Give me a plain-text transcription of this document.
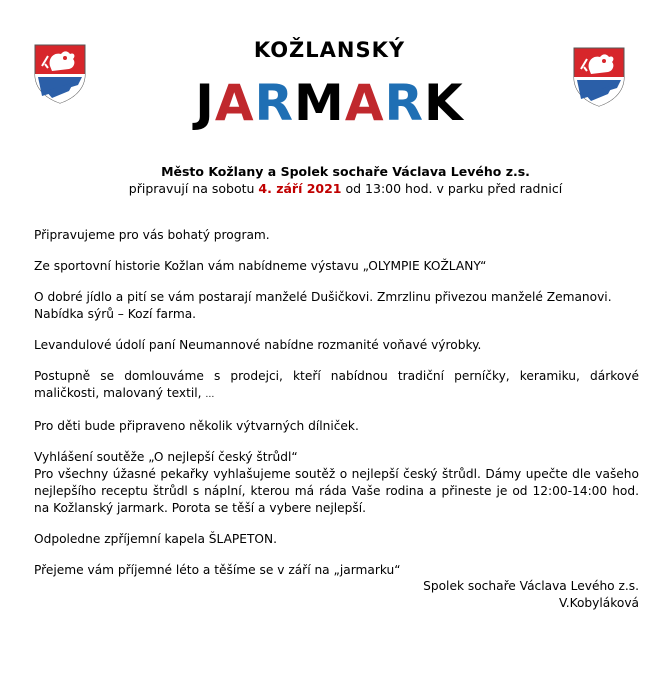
KOŽLANSKÝ
JARMARK
Město Kožlany a Spolek sochaře Václava Levého z.s.
připravují na sobotu 4. září 2021 od 13:00 hod. v parku před radnicí

Připravujeme pro vás bohatý program.

Ze sportovní historie Kožlan vám nabídneme výstavu „OLYMPIE KOŽLANY“

O dobré jídlo a pití se vám postarají manželé Dušičkovi. Zmrzlinu přivezou manželé Zemanovi.
Nabídka sýrů – Kozí farma.

Levandulové údolí paní Neumannové nabídne rozmanité voňavé výrobky.

Postupně se domlouváme s prodejci, kteří nabídnou tradiční perníčky, keramiku, dárkové maličkosti, malovaný textil, …

Pro děti bude připraveno několik výtvarných dílniček.

Vyhlášení soutěže „O nejlepší český štrůdl“
Pro všechny úžasné pekařky vyhlašujeme soutěž o nejlepší český štrůdl. Dámy upečte dle vašeho nejlepšího receptu štrůdl s náplní, kterou má ráda Vaše rodina a přineste je od 12:00-14:00 hod. na Kožlanský jarmark. Porota se těší a vybere nejlepší.

Odpoledne zpříjemní kapela ŠLAPETON.

Přejeme vám příjemné léto a těšíme se v září na „jarmarku“

Spolek sochaře Václava Levého z.s.
V.Kobyláková
